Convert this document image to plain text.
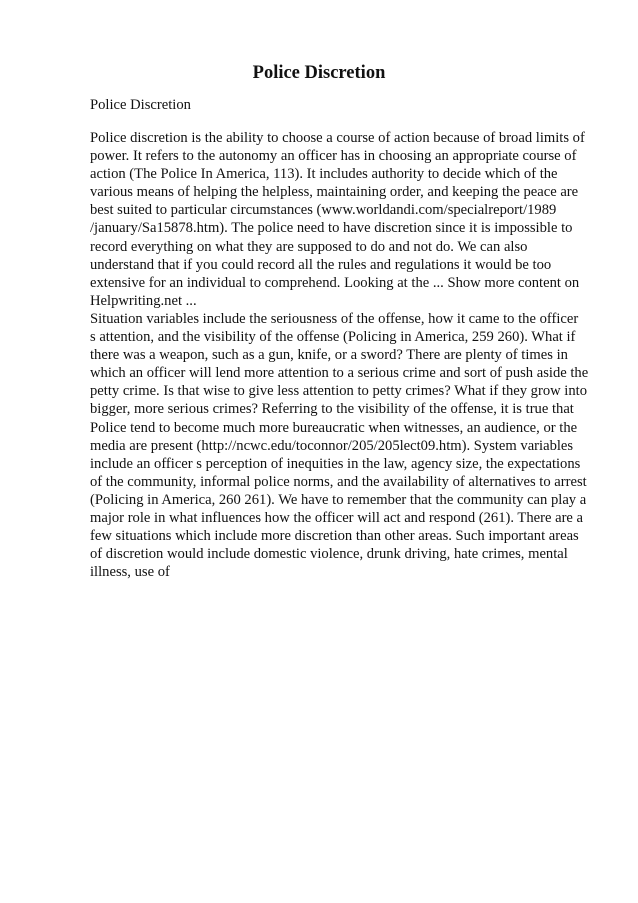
Police Discretion

Police Discretion

Police discretion is the ability to choose a course of action because of broad limits of
power. It refers to the autonomy an officer has in choosing an appropriate course of
action (The Police In America, 113). It includes authority to decide which of the
various means of helping the helpless, maintaining order, and keeping the peace are
best suited to particular circumstances (www.worldandi.com/specialreport/1989
/january/Sa15878.htm). The police need to have discretion since it is impossible to
record everything on what they are supposed to do and not do. We can also
understand that if you could record all the rules and regulations it would be too
extensive for an individual to comprehend. Looking at the ... Show more content on
Helpwriting.net ...
Situation variables include the seriousness of the offense, how it came to the officer
s attention, and the visibility of the offense (Policing in America, 259 260). What if
there was a weapon, such as a gun, knife, or a sword? There are plenty of times in
which an officer will lend more attention to a serious crime and sort of push aside the
petty crime. Is that wise to give less attention to petty crimes? What if they grow into
bigger, more serious crimes? Referring to the visibility of the offense, it is true that
Police tend to become much more bureaucratic when witnesses, an audience, or the
media are present (http://ncwc.edu/toconnor/205/205lect09.htm). System variables
include an officer s perception of inequities in the law, agency size, the expectations
of the community, informal police norms, and the availability of alternatives to arrest
(Policing in America, 260 261). We have to remember that the community can play a
major role in what influences how the officer will act and respond (261). There are a
few situations which include more discretion than other areas. Such important areas
of discretion would include domestic violence, drunk driving, hate crimes, mental
illness, use of
